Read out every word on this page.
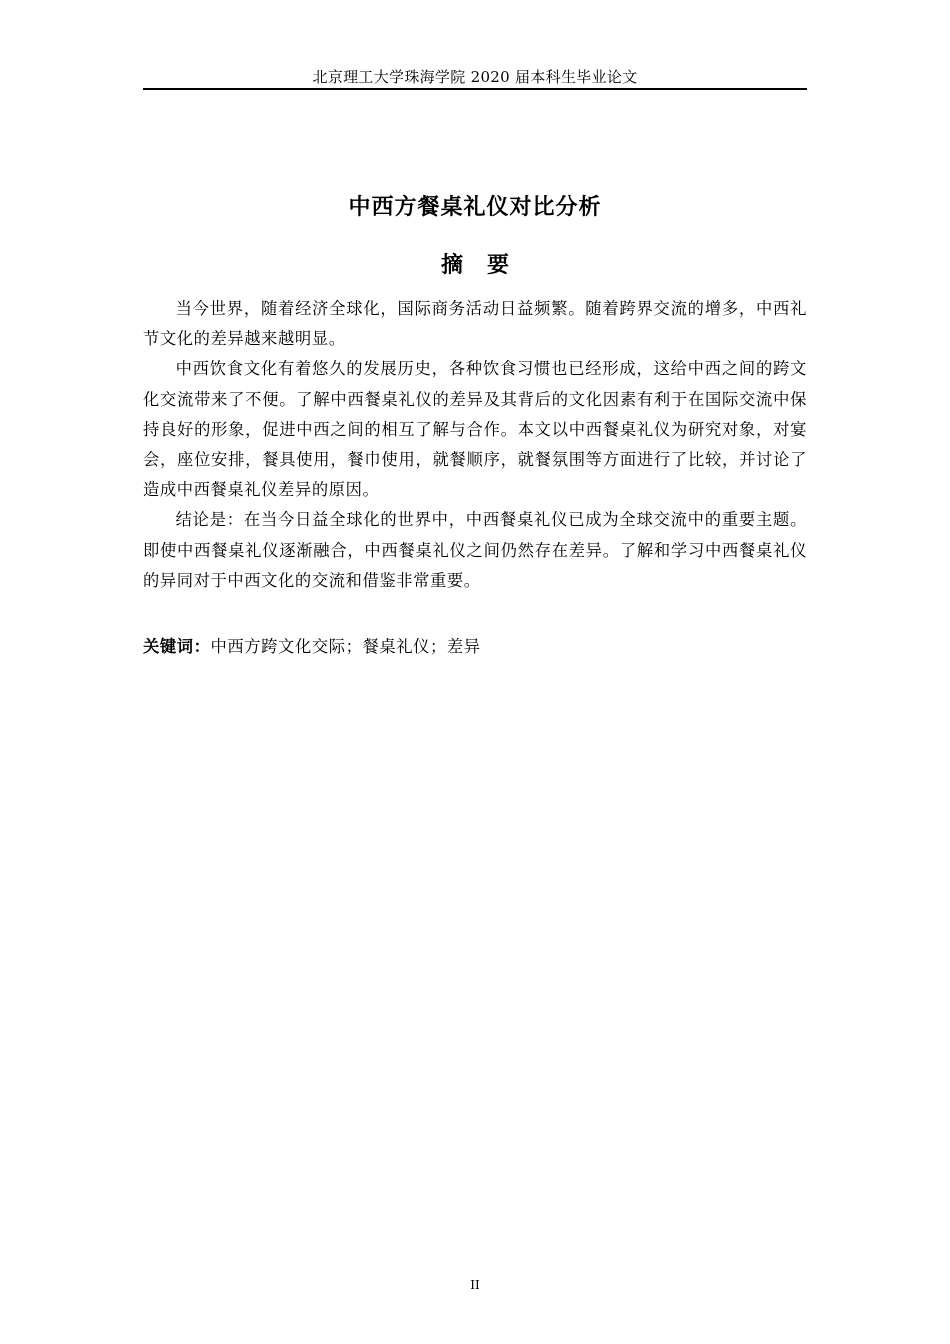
北京理工大学珠海学院 2020 届本科生毕业论文
中西方餐桌礼仪对比分析
摘要

当今世界，随着经济全球化，国际商务活动日益频繁。随着跨界交流的增多，中西礼节文化的差异越来越明显。

中西饮食文化有着悠久的发展历史，各种饮食习惯也已经形成，这给中西之间的跨文化交流带来了不便。了解中西餐桌礼仪的差异及其背后的文化因素有利于在国际交流中保持良好的形象，促进中西之间的相互了解与合作。本文以中西餐桌礼仪为研究对象，对宴会，座位安排，餐具使用，餐巾使用，就餐顺序，就餐氛围等方面进行了比较，并讨论了造成中西餐桌礼仪差异的原因。

结论是：在当今日益全球化的世界中，中西餐桌礼仪已成为全球交流中的重要主题。即使中西餐桌礼仪逐渐融合，中西餐桌礼仪之间仍然存在差异。了解和学习中西餐桌礼仪的异同对于中西文化的交流和借鉴非常重要。

关键词：中西方跨文化交际；餐桌礼仪；差异
II
